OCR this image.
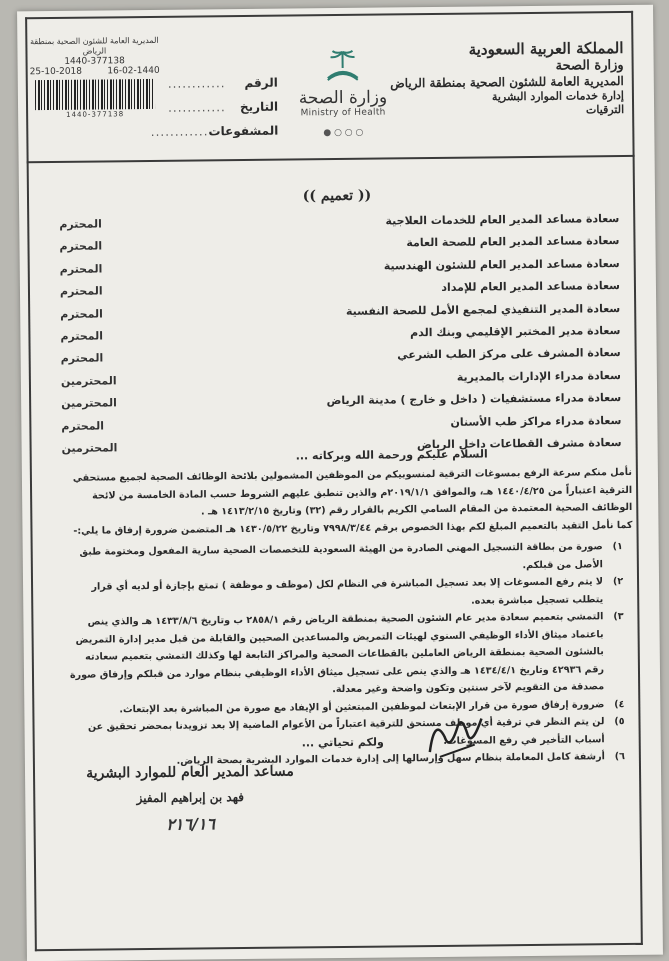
المملكة العربية السعودية
وزارة الصحة
المديرية العامة للشئون الصحية بمنطقة الرياض
إدارة خدمات الموارد البشرية
الترقيات
وزارة الصحة
Ministry of Health
● ○ ○ ○
الرقم
............
التاريخ
............
المشفوعات
............
المديرية العامة للشئون الصحية بمنطقة الرياض
1440-377138
25-10-2018	16-02-1440
1440-377138
(( تعميم ))
سعادة مساعد المدير العام للخدمات العلاجية
المحترم
سعادة مساعد المدير العام للصحة العامة
المحترم
سعادة مساعد المدير العام للشئون الهندسية
المحترم
سعادة مساعد المدير العام للإمداد
المحترم
سعادة المدير التنفيذي لمجمع الأمل للصحة النفسية
المحترم
سعادة مدير المختبر الإقليمي وبنك الدم
المحترم
سعادة المشرف على مركز الطب الشرعي
المحترم
سعادة مدراء الإدارات بالمديرية
المحترمين
سعادة مدراء مستشفيات ( داخل و خارج ) مدينة الرياض
المحترمين
سعادة مدراء مراكز طب الأسنان
المحترم
سعادة مشرف القطاعات داخل الرياض
المحترمين	السلام عليكم ورحمة الله وبركاته ...

نأمل منكم سرعة الرفع بمسوغات الترقية لمنسوبيكم من الموظفين المشمولين بلائحة الوظائف الصحية لجميع مستحقي الترقية اعتباراً من ١٤٤٠/٤/٢٥ هـ، والموافق ٢٠١٩/١/١م والذين تنطبق عليهم الشروط حسب المادة الخامسة من لائحة الوظائف الصحية المعتمدة من المقام السامي الكريم بالقرار رقم (٣٢) وتاريخ ١٤١٣/٢/١٥ هـ .

كما نأمل التقيد بالتعميم المبلغ لكم بهذا الخصوص برقم ٧٩٩٨/٣/٤٤ وتاريخ ١٤٣٠/٥/٢٢ هـ المتضمن ضرورة إرفاق ما يلي:-

١)
صورة من بطاقة التسجيل المهني الصادرة من الهيئة السعودية للتخصصات الصحية سارية المفعول ومختومة طبق الأصل من قبلكم.
٢)
لا يتم رفع المسوغات إلا بعد تسجيل المباشرة في النظام لكل (موظف و موظفة ) تمتع بإجازة أو لديه أي قرار يتطلب تسجيل مباشرة بعده.
٣)
التمشي بتعميم سعادة مدير عام الشئون الصحية بمنطقة الرياض رقم ٢٨٥٨/١ ب وتاريخ ١٤٣٣/٨/٦ هـ والذي ينص باعتماد ميثاق الأداء الوظيفي السنوي لهيئات التمريض والمساعدين الصحيين والقابلة من قبل مدير إدارة التمريض بالشئون الصحية بمنطقة الرياض العاملين بالقطاعات الصحية والمراكز التابعة لها وكذلك التمشي بتعميم سعادته رقم ٤٢٩٣٦ وتاريخ ١٤٣٤/٤/١ هـ والذي ينص على تسجيل ميثاق الأداء الوظيفي بنظام موارد من قبلكم وإرفاق صورة مصدقة من التقويم لآخر سنتين وتكون واضحة وغير معدلة.
٤)
ضرورة إرفاق صورة من قرار الإبتعاث لموظفين المبتعثين أو الإيفاد مع صورة من المباشرة بعد الإبتعاث.
٥)
لن يتم النظر في ترقية أي موظف مستحق للترقية اعتباراً من الأعوام الماضية إلا بعد تزويدنا بمحضر تحقيق عن أسباب التأخير في رفع المسوغات.
٦)
أرشفة كامل المعاملة بنظام سهل وإرسالها إلى إدارة خدمات الموارد البشرية بصحة الرياض.
ولكم تحياتي ...
مساعد المدير العام للموارد البشرية
فهد بن إبراهيم المفيز
٢١٦/١٦
